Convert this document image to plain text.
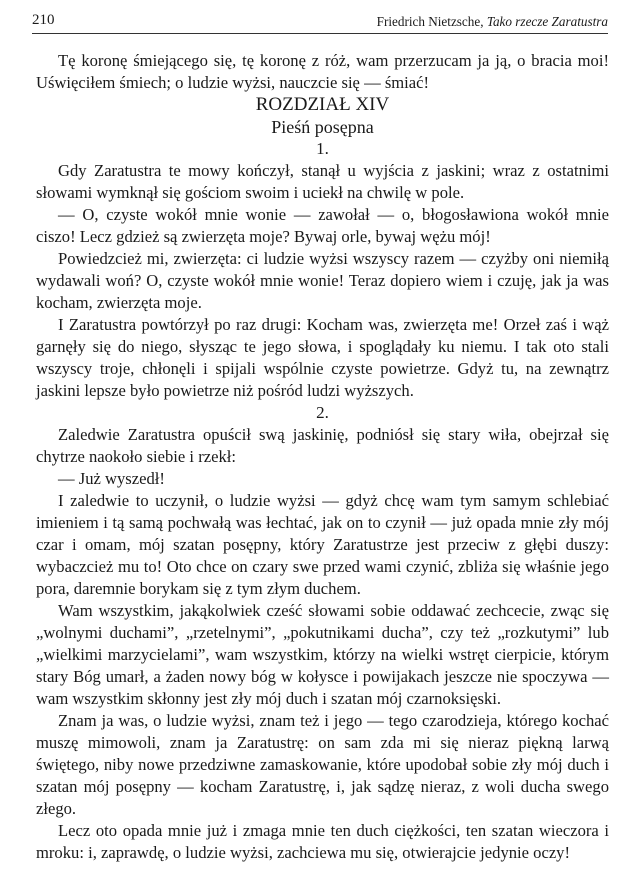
210	Friedrich Nietzsche, Tako rzecze Zaratustra

Tę koronę śmiejącego się, tę koronę z róż, wam przerzucam ja ją, o bracia moi! Uświęciłem śmiech; o ludzie wyżsi, nauczcie się — śmiać!

ROZDZIAŁ XIV

Pieśń posępna

1.

Gdy Zaratustra te mowy kończył, stanął u wyjścia z jaskini; wraz z ostatnimi słowami wymknął się gościom swoim i uciekł na chwilę w pole.

— O, czyste wokół mnie wonie — zawołał — o, błogosławiona wokół mnie ciszo! Lecz gdzież są zwierzęta moje? Bywaj orle, bywaj wężu mój!

Powiedzcież mi, zwierzęta: ci ludzie wyżsi wszyscy razem — czyżby oni niemiłą wydawali woń? O, czyste wokół mnie wonie! Teraz dopiero wiem i czuję, jak ja was kocham, zwierzęta moje.

I Zaratustra powtórzył po raz drugi: Kocham was, zwierzęta me! Orzeł zaś i wąż garnęły się do niego, słysząc te jego słowa, i spoglądały ku niemu. I tak oto stali wszyscy troje, chłonęli i spijali wspólnie czyste powietrze. Gdyż tu, na zewnątrz jaskini lepsze było powietrze niż pośród ludzi wyższych.

2.

Zaledwie Zaratustra opuścił swą jaskinię, podniósł się stary wiła, obejrzał się chytrze naokoło siebie i rzekł:

— Już wyszedł!

I zaledwie to uczynił, o ludzie wyżsi — gdyż chcę wam tym samym schlebiać imieniem i tą samą pochwałą was łechtać, jak on to czynił — już opada mnie zły mój czar i omam, mój szatan posępny, który Zaratustrze jest przeciw z głębi duszy: wybaczcież mu to! Oto chce on czary swe przed wami czynić, zbliża się właśnie jego pora, daremnie borykam się z tym złym duchem.

Wam wszystkim, jakąkolwiek cześć słowami sobie oddawać zechcecie, zwąc się „wolnymi duchami”, „rzetelnymi”, „pokutnikami ducha”, czy też „rozkutymi” lub „wielkimi marzycielami”, wam wszystkim, którzy na wielki wstręt cierpicie, którym stary Bóg umarł, a żaden nowy bóg w kołysce i powijakach jeszcze nie spoczywa — wam wszystkim skłonny jest zły mój duch i szatan mój czarnoksięski.

Znam ja was, o ludzie wyżsi, znam też i jego — tego czarodzieja, którego kochać muszę mimowoli, znam ja Zaratustrę: on sam zda mi się nieraz piękną larwą świętego, niby nowe przedziwne zamaskowanie, które upodobał sobie zły mój duch i szatan mój posępny — kocham Zaratustrę, i, jak sądzę nieraz, z woli ducha swego złego.

Lecz oto opada mnie już i zmaga mnie ten duch ciężkości, ten szatan wieczora i mroku: i, zaprawdę, o ludzie wyżsi, zachciewa mu się, otwierajcie jedynie oczy!
